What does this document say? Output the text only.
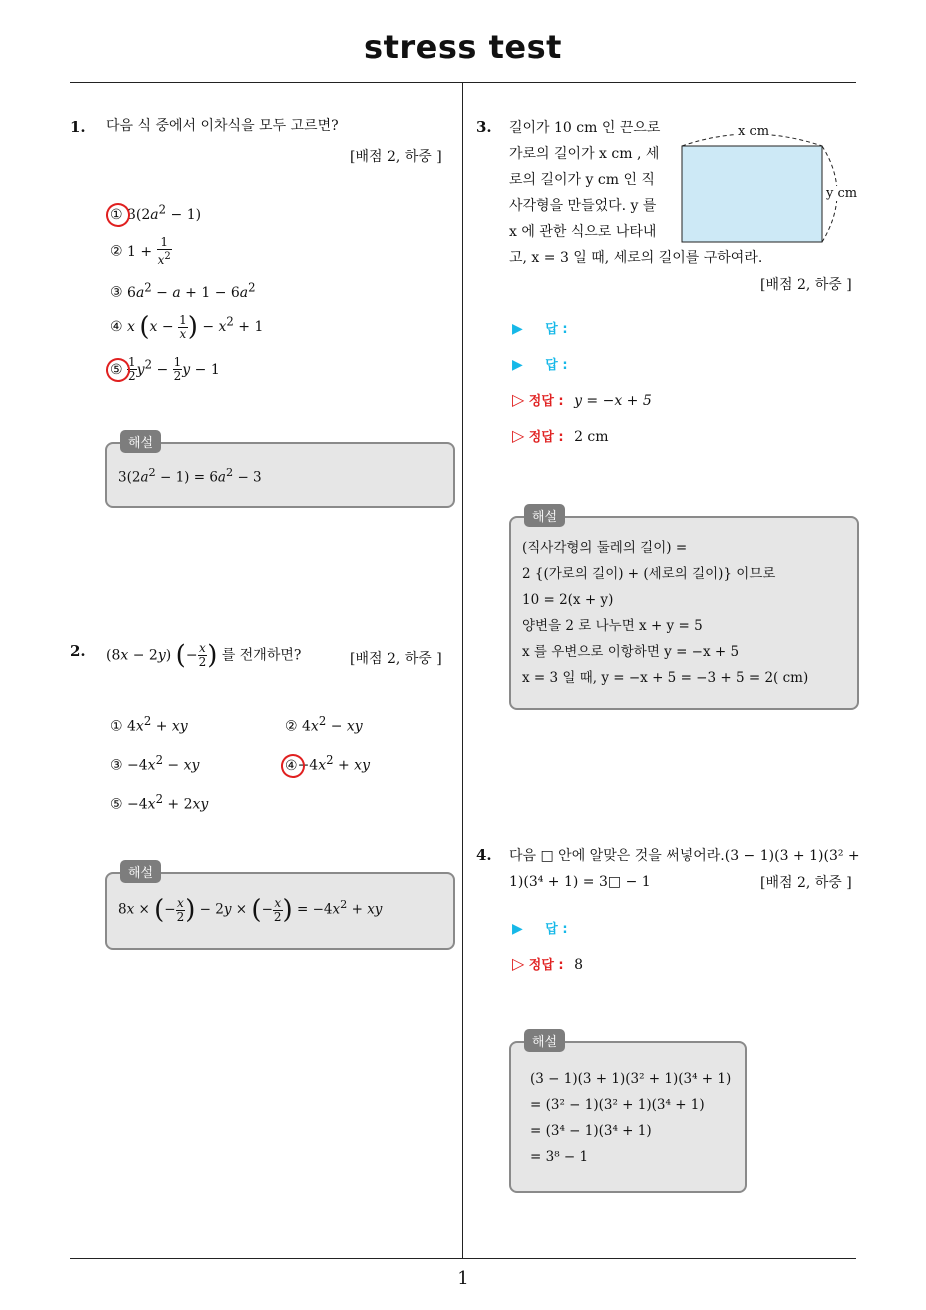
stress test
1
1. 다음 식 중에서 이차식을 모두 고르면?
[배점 2, 하중 ]
① $3(2a^2 - 1)$
② $1 + \frac{1}{x^2}$
③ $6a^2 - a + 1 - 6a^2$
④ x ($x - \frac{1}{x}$ ) − $x^2 + 1$
⑤ $\frac{1}{2} y^2 - \frac{1}{2}$ y − 1
해설
$3(2a^2 - 1) = 6a^2 - 3$
2. (8x − 2y) (− $\frac{x}{2}$ ) 를 전개하면?	[배점 2, 하중 ]
① $4x^2$ + xy	② $4x^2$ − xy
③ $-4x^2$ − xy	$④-4x^2$ + xy
⑤ $-4x^2 + 2xy$
해설
8x × (− $\frac{x}{2}$ ) − 2y × (− $\frac{x}{2}$ ) = $-4x^2$ + xy
3. 길이가 10 cm 인 끈으로
가로의 길이가 x cm , 세
로의 길이가 y cm 인 직
사각형을 만들었다. y 를
x 에 관한 식으로 나타내
고, x = 3 일 때, 세로의 길이를 구하여라.
[배점 2, 하중 ]
x cm
y cm
▶ 답 :
▶ 답 :
▷ 정답 : y = −x + 5
▷ 정답 : 2 cm
해설
(직사각형의 둘레의 길이) =
2 {(가로의 길이) + (세로의 길이)} 이므로
10 = 2(x + y)
양변을 2 로 나누면 x + y = 5
x 를 우변으로 이항하면 y = −x + 5
x = 3 일 때, y = −x + 5 = −3 + 5 = 2( cm)
4. 다음 □ 안에 알맞은 것을 써넣어라.(3 − 1)(3 + 1)(3² +
1)(3⁴ + 1) = 3□ − 1	[배점 2, 하중 ]
▶ 답 :
▷ 정답 : 8
해설
(3 − 1)(3 + 1)(3² + 1)(3⁴ + 1)
= (3² − 1)(3² + 1)(3⁴ + 1)
= (3⁴ − 1)(3⁴ + 1)
= 3⁸ − 1
